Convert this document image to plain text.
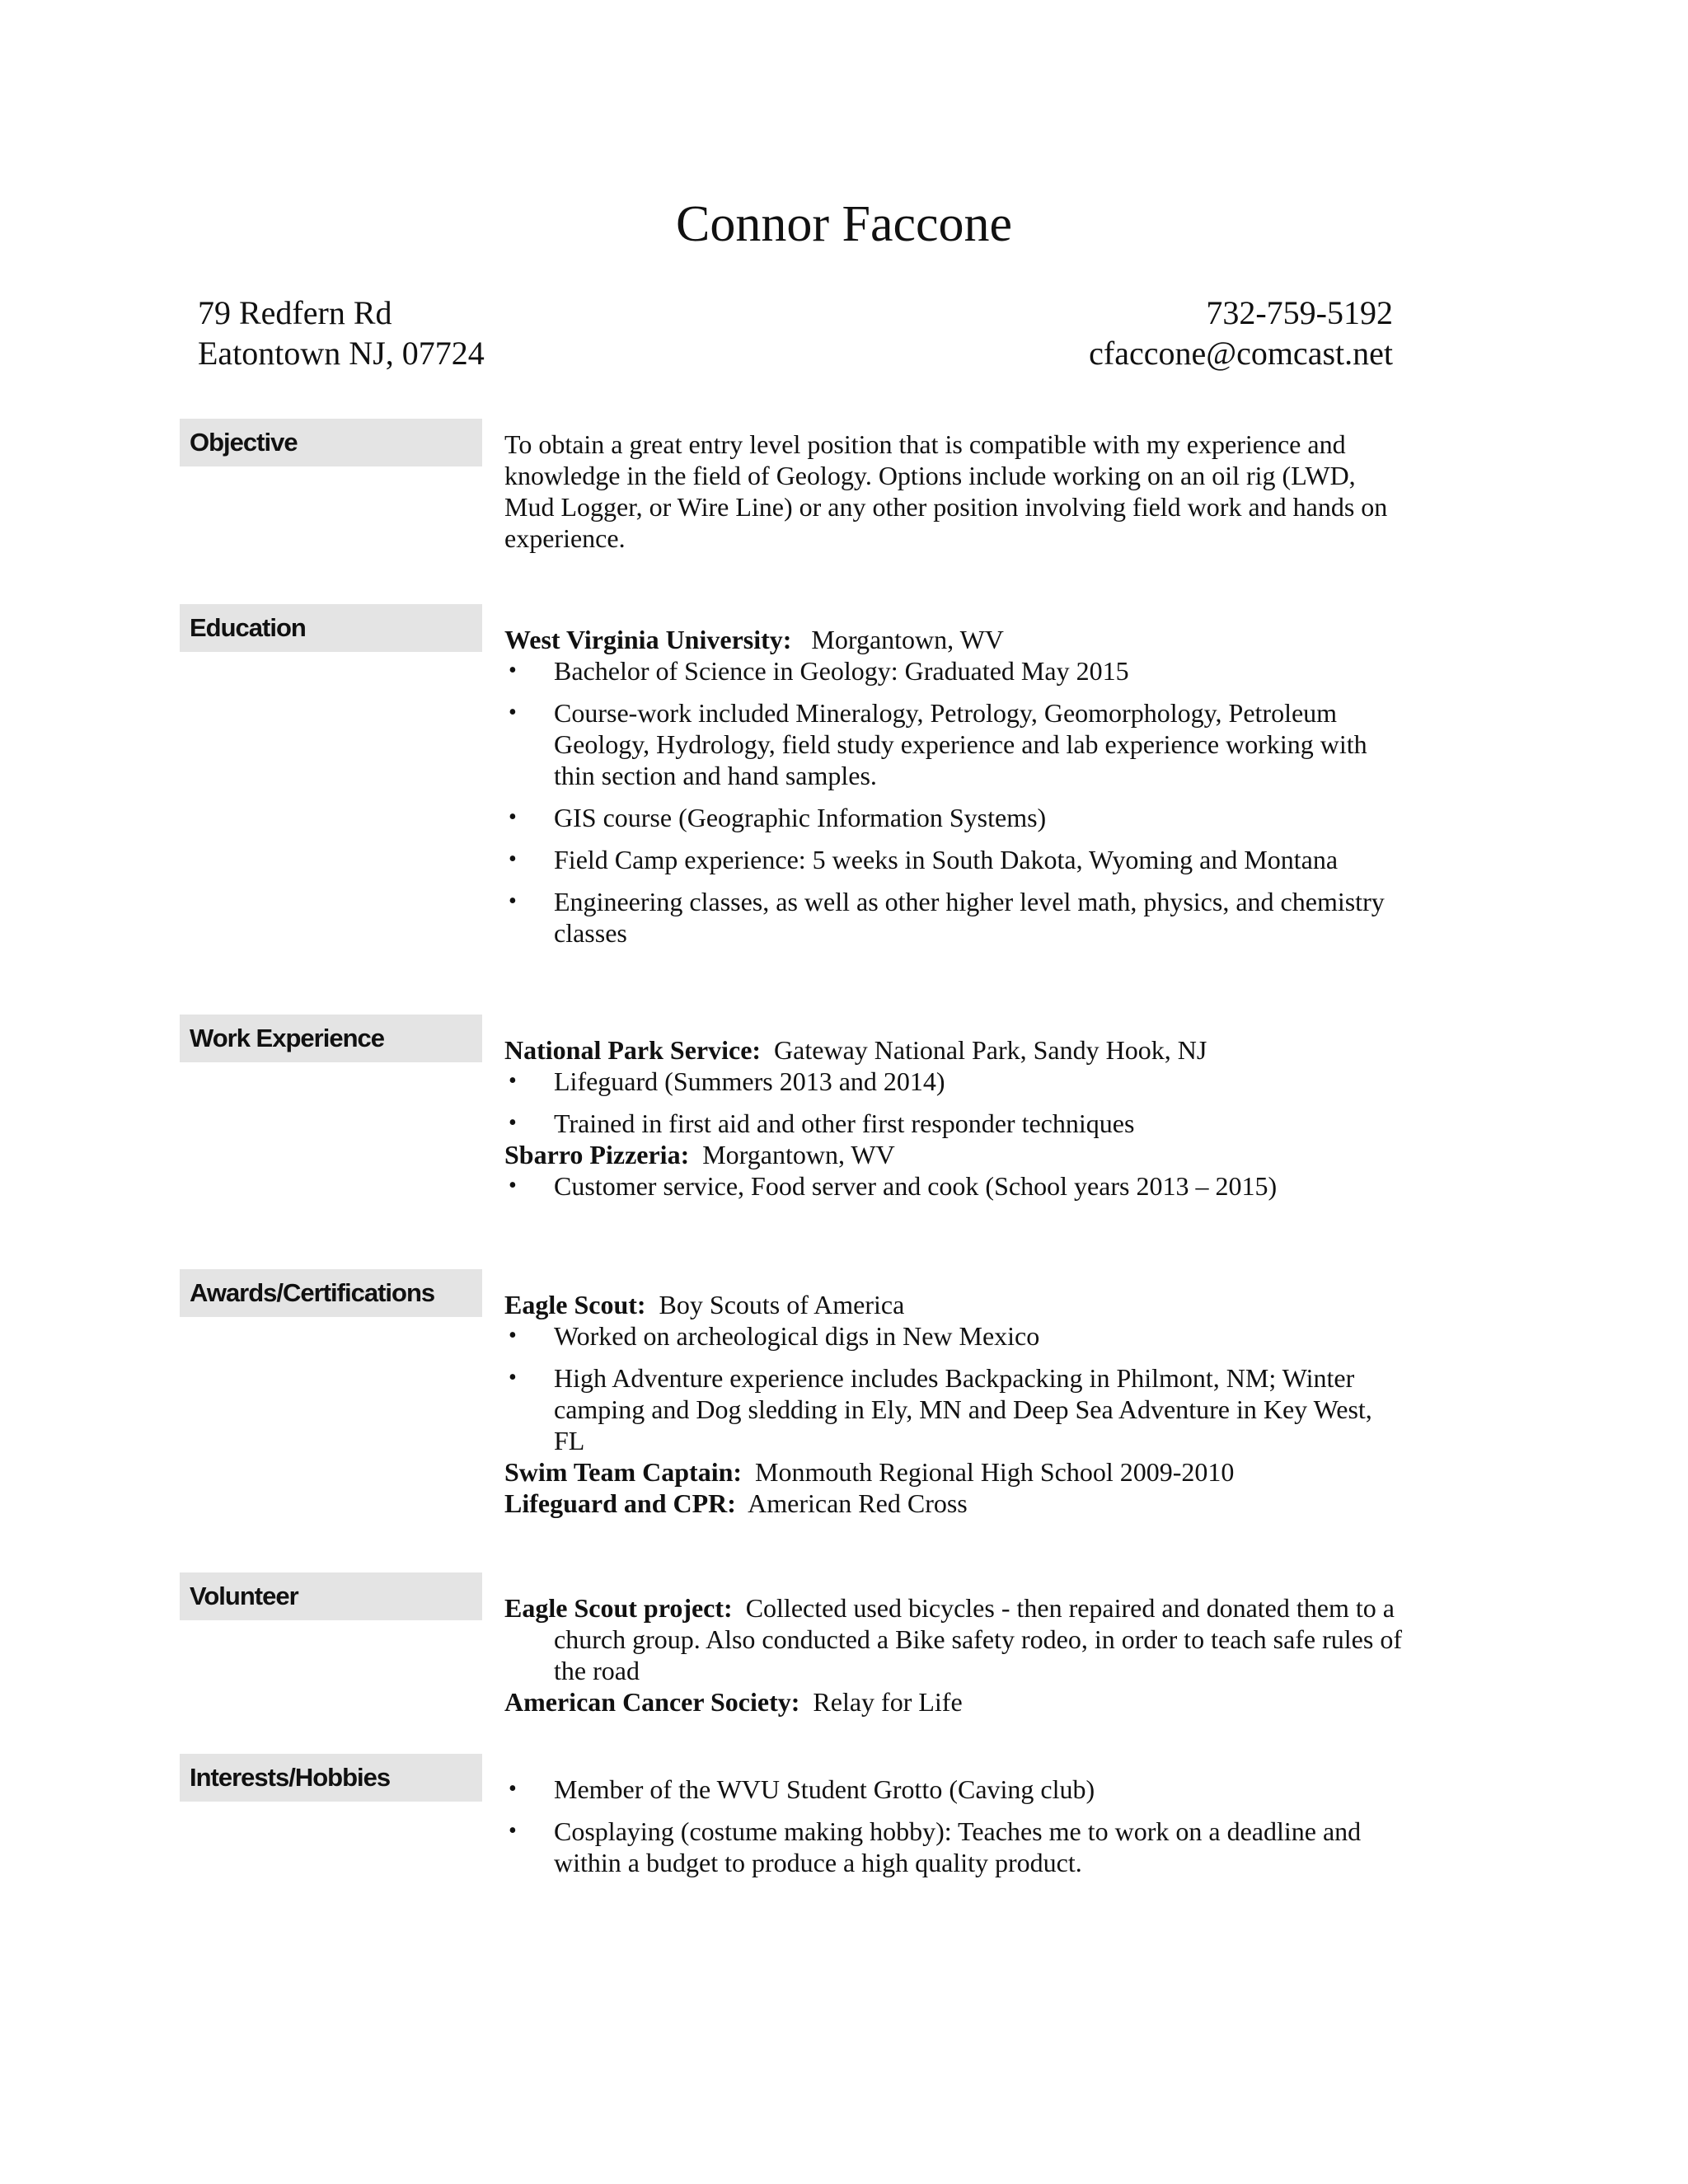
Connor Faccone
79 Redfern Rd
Eatontown NJ, 07724
732-759-5192
cfaccone@comcast.net
Objective	To obtain a great entry level position that is compatible with my experience and knowledge in the field of Geology. Options include working on an oil rig (LWD, Mud Logger, or Wire Line) or any other position involving field work and hands on experience.

Education	West Virginia University: Morgantown, WV

• Bachelor of Science in Geology: Graduated May 2015
• Course-work included Mineralogy, Petrology, Geomorphology, Petroleum Geology, Hydrology, field study experience and lab experience working with thin section and hand samples.
• GIS course (Geographic Information Systems)
• Field Camp experience: 5 weeks in South Dakota, Wyoming and Montana
• Engineering classes, as well as other higher level math, physics, and chemistry classes
Work Experience	National Park Service: Gateway National Park, Sandy Hook, NJ

• Lifeguard (Summers 2013 and 2014)
• Trained in first aid and other first responder techniques

Sbarro Pizzeria: Morgantown, WV

• Customer service, Food server and cook (School years 2013 – 2015)
Awards/Certifications	Eagle Scout: Boy Scouts of America

• Worked on archeological digs in New Mexico
• High Adventure experience includes Backpacking in Philmont, NM; Winter camping and Dog sledding in Ely, MN and Deep Sea Adventure in Key West, FL

Swim Team Captain: Monmouth Regional High School 2009-2010

Lifeguard and CPR: American Red Cross

Volunteer	Eagle Scout project: Collected used bicycles - then repaired and donated them to a church group. Also conducted a Bike safety rodeo, in order to teach safe rules of the road

American Cancer Society: Relay for Life

Interests/Hobbies	• Member of the WVU Student Grotto (Caving club)
• Cosplaying (costume making hobby): Teaches me to work on a deadline and within a budget to produce a high quality product.
